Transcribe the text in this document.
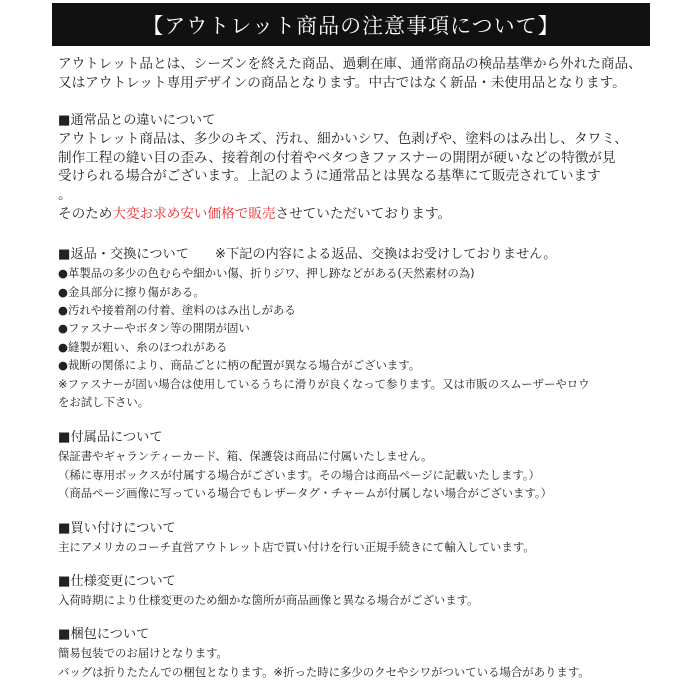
【アウトレット商品の注意事項について】
アウトレット品とは、シーズンを終えた商品、過剰在庫、通常商品の検品基準から外れた商品、
又はアウトレット専用デザインの商品となります。中古ではなく新品・未使用品となります。
■通常品との違いについて
アウトレット商品は、多少のキズ、汚れ、細かいシワ、色剥げや、塗料のはみ出し、タワミ、
制作工程の縫い目の歪み、接着剤の付着やベタつきファスナーの開閉が硬いなどの特徴が見
受けられる場合がございます。上記のように通常品とは異なる基準にて販売されています
。
そのため大変お求め安い価格で販売させていただいております。
■返品・交換について ※下記の内容による返品、交換はお受けしておりません。
●革製品の多少の色むらや細かい傷、折りジワ、押し跡などがある(天然素材の為)
●金具部分に擦り傷がある。
●汚れや接着剤の付着、塗料のはみ出しがある
●ファスナーやボタン等の開閉が固い
●縫製が粗い、糸のほつれがある
●裁断の関係により、商品ごとに柄の配置が異なる場合がございます。
※ファスナーが固い場合は使用しているうちに滑りが良くなって参ります。又は市販のスムーザーやロウ
をお試し下さい。
■付属品について
保証書やギャランティーカード、箱、保護袋は商品に付属いたしません。
（稀に専用ボックスが付属する場合がございます。その場合は商品ページに記載いたします。）
（商品ページ画像に写っている場合でもレザータグ・チャームが付属しない場合がございます。）
■買い付けについて
主にアメリカのコーチ直営アウトレット店で買い付けを行い正規手続きにて輸入しています。
■仕様変更について
入荷時期により仕様変更のため細かな箇所が商品画像と異なる場合がございます。
■梱包について
簡易包装でのお届けとなります。
バッグは折りたたんでの梱包となります。※折った時に多少のクセやシワがついている場合があります。
